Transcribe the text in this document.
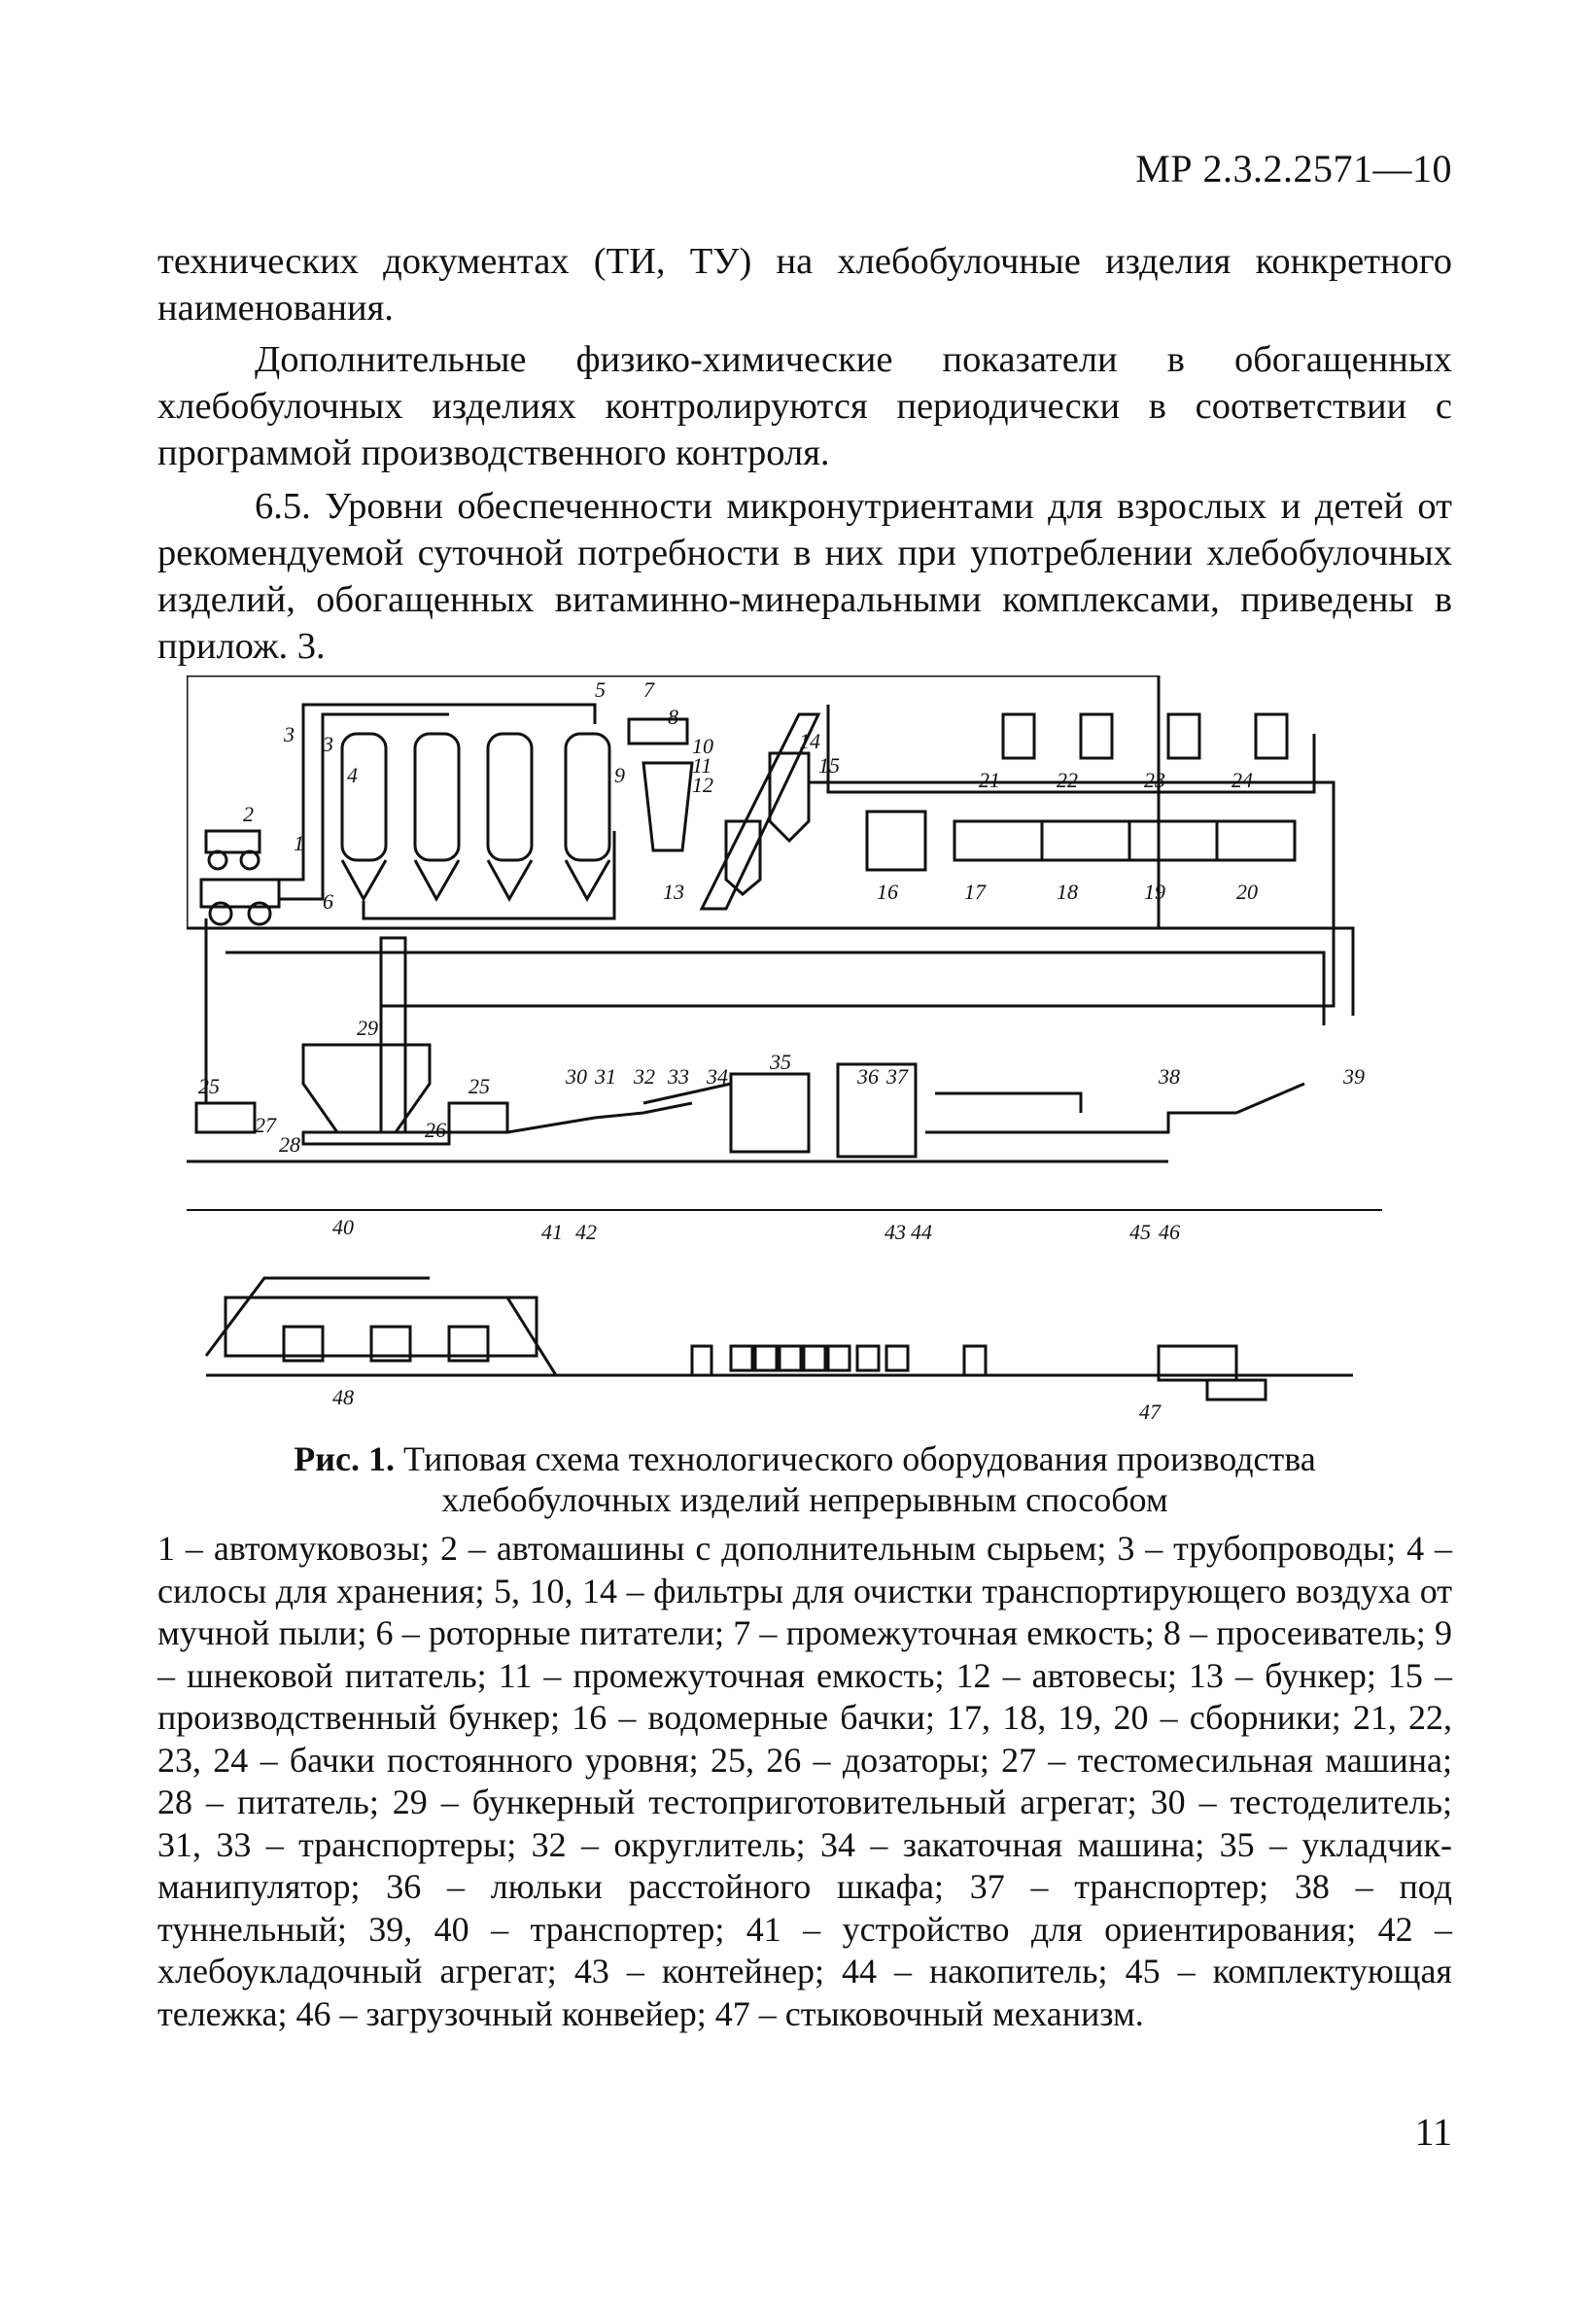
МР 2.3.2.2571—10

технических документах (ТИ, ТУ) на хлебобулочные изделия конкретного наименования.

Дополнительные физико-химические показатели в обогащенных хлебобулочных изделиях контролируются периодически в соответствии с программой производственного контроля.

6.5. Уровни обеспеченности микронутриентами для взрослых и детей от рекомендуемой суточной потребности в них при употреблении хлебобулочных изделий, обогащенных витаминно-минеральными комплексами, приведены в прилож. 3.

2
1
3 3
4
5
6
7
8
9
10
11
12
13
14
15
16	17	18	19	20
21	22	23	24
25	25
26
27
28
29
30 31 32 33 34
35
36 37	38	39
40	41 42	43 44	45 46
47
48
Рис. 1. Типовая схема технологического оборудования производства
хлебобулочных изделий непрерывным способом
1 – автомуковозы; 2 – автомашины с дополнительным сырьем; 3 – трубопроводы; 4 – силосы для хранения; 5, 10, 14 – фильтры для очистки транспортирующего воздуха от мучной пыли; 6 – роторные питатели; 7 – промежуточная емкость; 8 – просеиватель; 9 – шнековой питатель; 11 – промежуточная емкость; 12 – автовесы; 13 – бункер; 15 – производственный бункер; 16 – водомерные бачки; 17, 18, 19, 20 – сборники; 21, 22, 23, 24 – бачки постоянного уровня; 25, 26 – дозаторы; 27 – тестомесильная машина; 28 – питатель; 29 – бункерный тестоприготовительный агрегат; 30 – тестоделитель; 31, 33 – транспортеры; 32 – округлитель; 34 – закаточная машина; 35 – укладчик-манипулятор; 36 – люльки расстойного шкафа; 37 – транспортер; 38 – под туннельный; 39, 40 – транспортер; 41 – устройство для ориентирования; 42 – хлебоукладочный агрегат; 43 – контейнер; 44 – накопитель; 45 – комплектующая тележка; 46 – загрузочный конвейер; 47 – стыковочный механизм.
11
